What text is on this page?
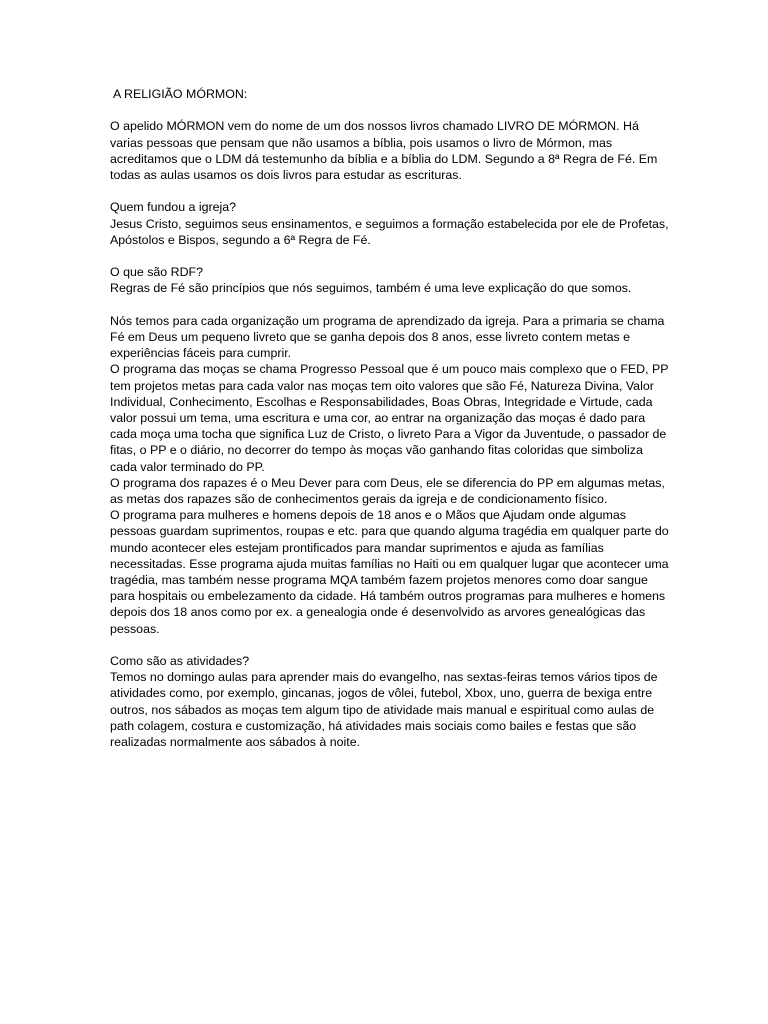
A RELIGIÃO MÓRMON:

O apelido MÓRMON vem do nome de um dos nossos livros chamado LIVRO DE MÓRMON. Há varias pessoas que pensam que não usamos a bíblia, pois usamos o livro de Mórmon, mas acreditamos que o LDM dá testemunho da bíblia e a bíblia do LDM. Segundo a 8ª Regra de Fé. Em todas as aulas usamos os dois livros para estudar as escrituras.

Quem fundou a igreja?

Jesus Cristo, seguimos seus ensinamentos, e seguimos a formação estabelecida por ele de Profetas, Apóstolos e Bispos, segundo a 6ª Regra de Fé.

O que são RDF?

Regras de Fé são princípios que nós seguimos, também é uma leve explicação do que somos.

Nós temos para cada organização um programa de aprendizado da igreja. Para a primaria se chama Fé em Deus um pequeno livreto que se ganha depois dos 8 anos, esse livreto contem metas e experiências fáceis para cumprir.

O programa das moças se chama Progresso Pessoal que é um pouco mais complexo que o FED, PP tem projetos metas para cada valor nas moças tem oito valores que são Fé, Natureza Divina, Valor Individual, Conhecimento, Escolhas e Responsabilidades, Boas Obras, Integridade e Virtude, cada valor possui um tema, uma escritura e uma cor, ao entrar na organização das moças é dado para cada moça uma tocha que significa Luz de Cristo, o livreto Para a Vigor da Juventude, o passador de fitas, o PP e o diário, no decorrer do tempo às moças vão ganhando fitas coloridas que simboliza cada valor terminado do PP.

O programa dos rapazes é o Meu Dever para com Deus, ele se diferencia do PP em algumas metas, as metas dos rapazes são de conhecimentos gerais da igreja e de condicionamento físico.

O programa para mulheres e homens depois de 18 anos e o Mãos que Ajudam onde algumas pessoas guardam suprimentos, roupas e etc. para que quando alguma tragédia em qualquer parte do mundo acontecer eles estejam prontificados para mandar suprimentos e ajuda as famílias necessitadas. Esse programa ajuda muitas famílias no Haiti ou em qualquer lugar que acontecer uma tragédia, mas também nesse programa MQA também fazem projetos menores como doar sangue para hospitais ou embelezamento da cidade. Há também outros programas para mulheres e homens depois dos 18 anos como por ex. a genealogia onde é desenvolvido as arvores genealógicas das pessoas.

Como são as atividades?

Temos no domingo aulas para aprender mais do evangelho, nas sextas-feiras temos vários tipos de atividades como, por exemplo, gincanas, jogos de vôlei, futebol, Xbox, uno, guerra de bexiga entre outros, nos sábados as moças tem algum tipo de atividade mais manual e espiritual como aulas de path colagem, costura e customização, há atividades mais sociais como bailes e festas que são realizadas normalmente aos sábados à noite.
